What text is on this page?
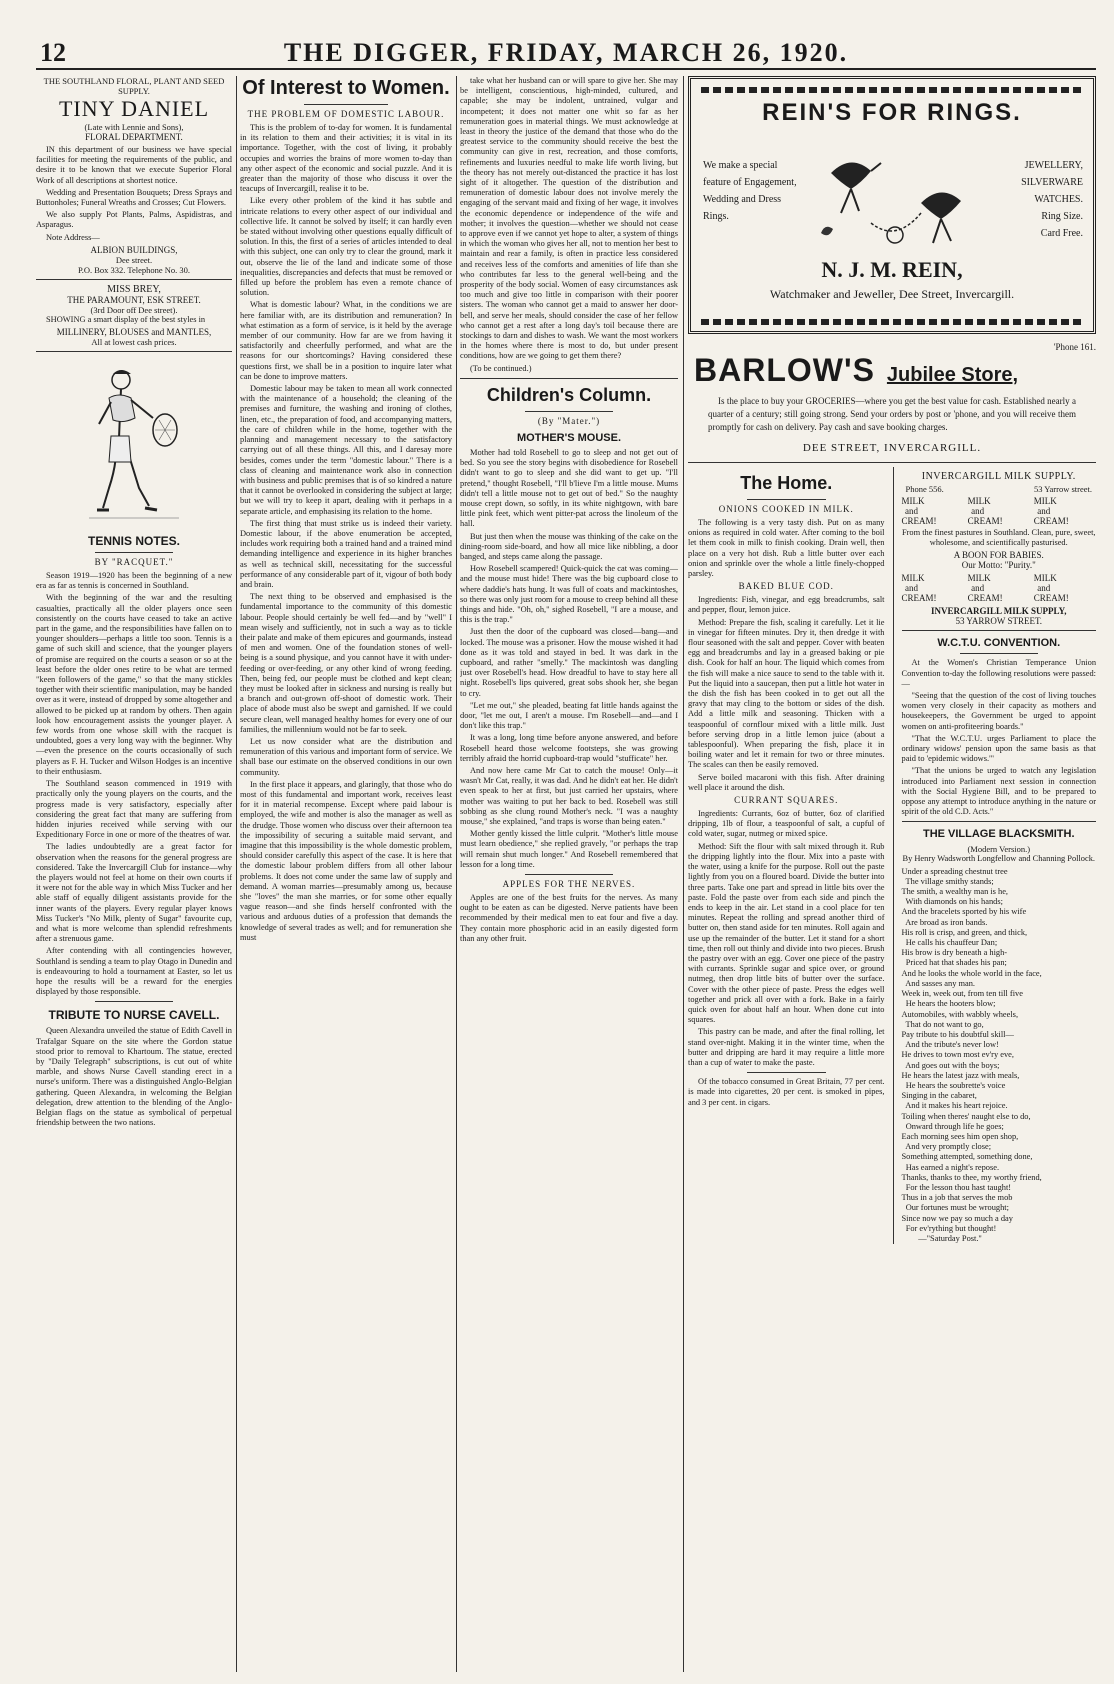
12	THE DIGGER, FRIDAY, MARCH 26, 1920.
THE SOUTHLAND FLORAL, PLANT AND SEED SUPPLY.
TINY DANIEL
(Late with Lennie and Sons),
FLORAL DEPARTMENT.

IN this department of our business we have special facilities for meeting the requirements of the public, and desire it to be known that we execute Superior Floral Work of all descriptions at shortest notice.

Wedding and Presentation Bouquets; Dress Sprays and Buttonholes; Funeral Wreaths and Crosses; Cut Flowers.

We also supply Pot Plants, Palms, Aspidistras, and Asparagus.

Note Address—

ALBION BUILDINGS,
Dee street.
P.O. Box 332. Telephone No. 30.
MISS BREY,
THE PARAMOUNT, ESK STREET.
(3rd Door off Dee street).

SHOWING a smart display of the best styles in

MILLINERY, BLOUSES and MANTLES,
All at lowest cash prices.
TENNIS NOTES.
BY "RACQUET."

Season 1919—1920 has been the beginning of a new era as far as tennis is concerned in Southland.

With the beginning of the war and the resulting casualties, practically all the older players once seen consistently on the courts have ceased to take an active part in the game, and the responsibilities have fallen on to younger shoulders—perhaps a little too soon. Tennis is a game of such skill and science, that the younger players of promise are required on the courts a season or so at the least before the older ones retire to be what are termed "keen followers of the game," so that the many stickles together with their scientific manipulation, may be handed over as it were, instead of dropped by some altogether and allowed to be picked up at random by others. Then again look how encouragement assists the younger player. A few words from one whose skill with the racquet is undoubted, goes a very long way with the beginner. Why—even the presence on the courts occasionally of such players as F. H. Tucker and Wilson Hodges is an incentive to their enthusiasm.

The Southland season commenced in 1919 with practically only the young players on the courts, and the progress made is very satisfactory, especially after considering the great fact that many are suffering from hidden injuries received while serving with our Expeditionary Force in one or more of the theatres of war.

The ladies undoubtedly are a great factor for observation when the reasons for the general progress are considered. Take the Invercargill Club for instance—why the players would not feel at home on their own courts if it were not for the able way in which Miss Tucker and her able staff of equally diligent assistants provide for the inner wants of the players. Every regular player knows Miss Tucker's "No Milk, plenty of Sugar" favourite cup, and what is more welcome than splendid refreshments after a strenuous game.

After contending with all contingencies however, Southland is sending a team to play Otago in Dunedin and is endeavouring to hold a tournament at Easter, so let us hope the results will be a reward for the energies displayed by those responsible.

TRIBUTE TO NURSE CAVELL.

Queen Alexandra unveiled the statue of Edith Cavell in Trafalgar Square on the site where the Gordon statue stood prior to removal to Khartoum. The statue, erected by "Daily Telegraph" subscriptions, is cut out of white marble, and shows Nurse Cavell standing erect in a nurse's uniform. There was a distinguished Anglo-Belgian gathering. Queen Alexandra, in welcoming the Belgian delegation, drew attention to the blending of the Anglo-Belgian flags on the statue as symbolical of perpetual friendship between the two nations.

Of Interest to Women.
THE PROBLEM OF DOMESTIC LABOUR.

This is the problem of to-day for women. It is fundamental in its relation to them and their activities; it is vital in its importance. Together, with the cost of living, it probably occupies and worries the brains of more women to-day than any other aspect of the economic and social puzzle. And it is greater than the majority of those who discuss it over the teacups of Invercargill, realise it to be.

Like every other problem of the kind it has subtle and intricate relations to every other aspect of our individual and collective life. It cannot be solved by itself; it can hardly even be stated without involving other questions equally difficult of solution. In this, the first of a series of articles intended to deal with this subject, one can only try to clear the ground, mark it out, observe the lie of the land and indicate some of those inequalities, discrepancies and defects that must be removed or filled up before the problem has even a remote chance of solution.

What is domestic labour? What, in the conditions we are here familiar with, are its distribution and remuneration? In what estimation as a form of service, is it held by the average member of our community. How far are we from having it satisfactorily and cheerfully performed, and what are the reasons for our shortcomings? Having considered these questions first, we shall be in a position to inquire later what can be done to improve matters.

Domestic labour may be taken to mean all work connected with the maintenance of a household; the cleaning of the premises and furniture, the washing and ironing of clothes, linen, etc., the preparation of food, and accompanying matters, the care of children while in the home, together with the planning and management necessary to the satisfactory carrying out of all these things. All this, and I daresay more besides, comes under the term "domestic labour." There is a class of cleaning and maintenance work also in connection with business and public premises that is of so kindred a nature that it cannot be overlooked in considering the subject at large; but we will try to keep it apart, dealing with it perhaps in a separate article, and emphasising its relation to the home.

The first thing that must strike us is indeed their variety. Domestic labour, if the above enumeration be accepted, includes work requiring both a trained hand and a trained mind demanding intelligence and experience in its higher branches as well as technical skill, necessitating for the successful performance of any considerable part of it, vigour of both body and brain.

The next thing to be observed and emphasised is the fundamental importance to the community of this domestic labour. People should certainly be well fed—and by "well" I mean wisely and sufficiently, not in such a way as to tickle their palate and make of them epicures and gourmands, instead of men and women. One of the foundation stones of well-being is a sound physique, and you cannot have it with under-feeding or over-feeding, or any other kind of wrong feeding. Then, being fed, our people must be clothed and kept clean; they must be looked after in sickness and nursing is really but a branch and out-grown off-shoot of domestic work. Their place of abode must also be swept and garnished. If we could secure clean, well managed healthy homes for every one of our families, the millennium would not be far to seek.

Let us now consider what are the distribution and remuneration of this various and important form of service. We shall base our estimate on the observed conditions in our own community.

In the first place it appears, and glaringly, that those who do most of this fundamental and important work, receives least for it in material recompense. Except where paid labour is employed, the wife and mother is also the manager as well as the drudge. Those women who discuss over their afternoon tea the impossibility of securing a suitable maid servant, and imagine that this impossibility is the whole domestic problem, should consider carefully this aspect of the case. It is here that the domestic labour problem differs from all other labour problems. It does not come under the same law of supply and demand. A woman marries—presumably among us, because she "loves" the man she marries, or for some other equally vague reason—and she finds herself confronted with the various and arduous duties of a profession that demands the knowledge of several trades as well; and for remuneration she must

take what her husband can or will spare to give her. She may be intelligent, conscientious, high-minded, cultured, and capable; she may be indolent, untrained, vulgar and incompetent; it does not matter one whit so far as her remuneration goes in material things. We must acknowledge at least in theory the justice of the demand that those who do the greatest service to the community should receive the best the community can give in rest, recreation, and those comforts, refinements and luxuries needful to make life worth living, but the theory has not merely out-distanced the practice it has lost sight of it altogether. The question of the distribution and remuneration of domestic labour does not involve merely the engaging of the servant maid and fixing of her wage, it involves the economic dependence or independence of the wife and mother; it involves the question—whether we should not cease to approve even if we cannot yet hope to alter, a system of things in which the woman who gives her all, not to mention her best to maintain and rear a family, is often in practice less considered and receives less of the comforts and amenities of life than she who contributes far less to the general well-being and the prosperity of the body social. Women of easy circumstances ask too much and give too little in comparison with their poorer sisters. The woman who cannot get a maid to answer her door-bell, and serve her meals, should consider the case of her fellow who cannot get a rest after a long day's toil because there are stockings to darn and dishes to wash. We want the most workers in the homes where there is most to do, but under present conditions, how are we going to get them there?

(To be continued.)

Children's Column.
(By "Mater.")
MOTHER'S MOUSE.

Mother had told Rosebell to go to sleep and not get out of bed. So you see the story begins with disobedience for Rosebell didn't want to go to sleep and she did want to get up. "I'll pretend," thought Rosebell, "I'll b'lieve I'm a little mouse. Mums didn't tell a little mouse not to get out of bed." So the naughty mouse crept down, so softly, in its white nightgown, with bare little pink feet, which went pitter-pat across the linoleum of the hall.

But just then when the mouse was thinking of the cake on the dining-room side-board, and how all mice like nibbling, a door banged, and steps came along the passage.

How Rosebell scampered! Quick-quick the cat was coming—and the mouse must hide! There was the big cupboard close to where daddie's hats hung. It was full of coats and mackintoshes, so there was only just room for a mouse to creep behind all these things and hide. "Oh, oh," sighed Rosebell, "I are a mouse, and this is the trap."

Just then the door of the cupboard was closed—bang—and locked. The mouse was a prisoner. How the mouse wished it had done as it was told and stayed in bed. It was dark in the cupboard, and rather "smelly." The mackintosh was dangling just over Rosebell's head. How dreadful to have to stay here all night. Rosebell's lips quivered, great sobs shook her, she began to cry.

"Let me out," she pleaded, beating fat little hands against the door, "let me out, I aren't a mouse. I'm Rosebell—and—and I don't like this trap."

It was a long, long time before anyone answered, and before Rosebell heard those welcome footsteps, she was growing terribly afraid the horrid cupboard-trap would "stufficate" her.

And now here came Mr Cat to catch the mouse! Only—it wasn't Mr Cat, really, it was dad. And he didn't eat her. He didn't even speak to her at first, but just carried her upstairs, where mother was waiting to put her back to bed. Rosebell was still sobbing as she clung round Mother's neck. "I was a naughty mouse," she explained, "and traps is worse than being eaten."

Mother gently kissed the little culprit. "Mother's little mouse must learn obedience," she replied gravely, "or perhaps the trap will remain shut much longer." And Rosebell remembered that lesson for a long time.

APPLES FOR THE NERVES.

Apples are one of the best fruits for the nerves. As many ought to be eaten as can be digested. Nerve patients have been recommended by their medical men to eat four and five a day. They contain more phosphoric acid in an easily digested form than any other fruit.

REIN'S FOR RINGS.
We make a special feature of Engagement, Wedding and Dress Rings.
JEWELLERY,
SILVERWARE
WATCHES.
Ring Size.
Card Free.
N. J. M. REIN,
Watchmaker and Jeweller, Dee Street, Invercargill.
'Phone 161.
BARLOW'S Jubilee Store,

Is the place to buy your GROCERIES—where you get the best value for cash. Established nearly a quarter of a century; still going strong. Send your orders by post or 'phone, and you will receive them promptly for cash on delivery. Pay cash and save booking charges.

DEE STREET, INVERCARGILL.
The Home.
ONIONS COOKED IN MILK.

The following is a very tasty dish. Put on as many onions as required in cold water. After coming to the boil let them cook in milk to finish cooking. Drain well, then place on a very hot dish. Rub a little butter over each onion and sprinkle over the whole a little finely-chopped parsley.

BAKED BLUE COD.

Ingredients: Fish, vinegar, and egg breadcrumbs, salt and pepper, flour, lemon juice.

Method: Prepare the fish, scaling it carefully. Let it lie in vinegar for fifteen minutes. Dry it, then dredge it with flour seasoned with the salt and pepper. Cover with beaten egg and breadcrumbs and lay in a greased baking or pie dish. Cook for half an hour. The liquid which comes from the fish will make a nice sauce to send to the table with it. Put the liquid into a saucepan, then put a little hot water in the dish the fish has been cooked in to get out all the gravy that may cling to the bottom or sides of the dish. Add a little milk and seasoning. Thicken with a teaspoonful of cornflour mixed with a little milk. Just before serving drop in a little lemon juice (about a tablespoonful). When preparing the fish, place it in boiling water and let it remain for two or three minutes. The scales can then be easily removed.

Serve boiled macaroni with this fish. After draining well place it around the dish.

CURRANT SQUARES.

Ingredients: Currants, 6oz of butter, 6oz of clarified dripping, 1lb of flour, a teaspoonful of salt, a cupful of cold water, sugar, nutmeg or mixed spice.

Method: Sift the flour with salt mixed through it. Rub the dripping lightly into the flour. Mix into a paste with the water, using a knife for the purpose. Roll out the paste lightly from you on a floured board. Divide the butter into three parts. Take one part and spread in little bits over the paste. Fold the paste over from each side and pinch the ends to keep in the air. Let stand in a cool place for ten minutes. Repeat the rolling and spread another third of butter on, then stand aside for ten minutes. Roll again and use up the remainder of the butter. Let it stand for a short time, then roll out thinly and divide into two pieces. Brush the pastry over with an egg. Cover one piece of the pastry with currants. Sprinkle sugar and spice over, or ground nutmeg, then drop little bits of butter over the surface. Cover with the other piece of paste. Press the edges well together and prick all over with a fork. Bake in a fairly quick oven for about half an hour. When done cut into squares.

This pastry can be made, and after the final rolling, let stand over-night. Making it in the winter time, when the butter and dripping are hard it may require a little more than a cup of water to make the paste.

Of the tobacco consumed in Great Britain, 77 per cent. is made into cigarettes, 20 per cent. is smoked in pipes, and 3 per cent. in cigars.

INVERCARGILL MILK SUPPLY.
Phone 556.	53 Yarrow street.
MILK
and
CREAM!
MILK
and
CREAM!
MILK
and
CREAM!

From the finest pastures in Southland. Clean, pure, sweet, wholesome, and scientifically pasturised.

A BOON FOR BABIES.
Our Motto: "Purity."
MILK
and
CREAM!
MILK
and
CREAM!
MILK
and
CREAM!
INVERCARGILL MILK SUPPLY,
53 YARROW STREET.
W.C.T.U. CONVENTION.

At the Women's Christian Temperance Union Convention to-day the following resolutions were passed:—

"Seeing that the question of the cost of living touches women very closely in their capacity as mothers and housekeepers, the Government be urged to appoint women on anti-profiteering boards."

"That the W.C.T.U. urges Parliament to place the ordinary widows' pension upon the same basis as that paid to 'epidemic widows.'"

"That the unions be urged to watch any legislation introduced into Parliament next session in connection with the Social Hygiene Bill, and to be prepared to oppose any attempt to introduce anything in the nature or spirit of the old C.D. Acts."

THE VILLAGE BLACKSMITH.
(Modern Version.)

By Henry Wadsworth Longfellow and Channing Pollock.

Under a spreading chestnut tree

The village smithy stands;

The smith, a wealthy man is he,

With diamonds on his hands;

And the bracelets sported by his wife

Are broad as iron bands.

His roll is crisp, and green, and thick,

He calls his chauffeur Dan;

His brow is dry beneath a high-

Priced hat that shades his pan;

And he looks the whole world in the face,

And sasses any man.

Week in, week out, from ten till five

He hears the hooters blow;

Automobiles, with wabbly wheels,

That do not want to go,

Pay tribute to his doubtful skill—

And the tribute's never low!

He drives to town most ev'ry eve,

And goes out with the boys;

He hears the latest jazz with meals,

He hears the soubrette's voice

Singing in the cabaret,

And it makes his heart rejoice.

Toiling when theres' naught else to do,

Onward through life he goes;

Each morning sees him open shop,

And very promptly close;

Something attempted, something done,

Has earned a night's repose.

Thanks, thanks to thee, my worthy friend,

For the lesson thou hast taught!

Thus in a job that serves the mob

Our fortunes must be wrought;

Since now we pay so much a day

For ev'rything but thought!

—"Saturday Post."
